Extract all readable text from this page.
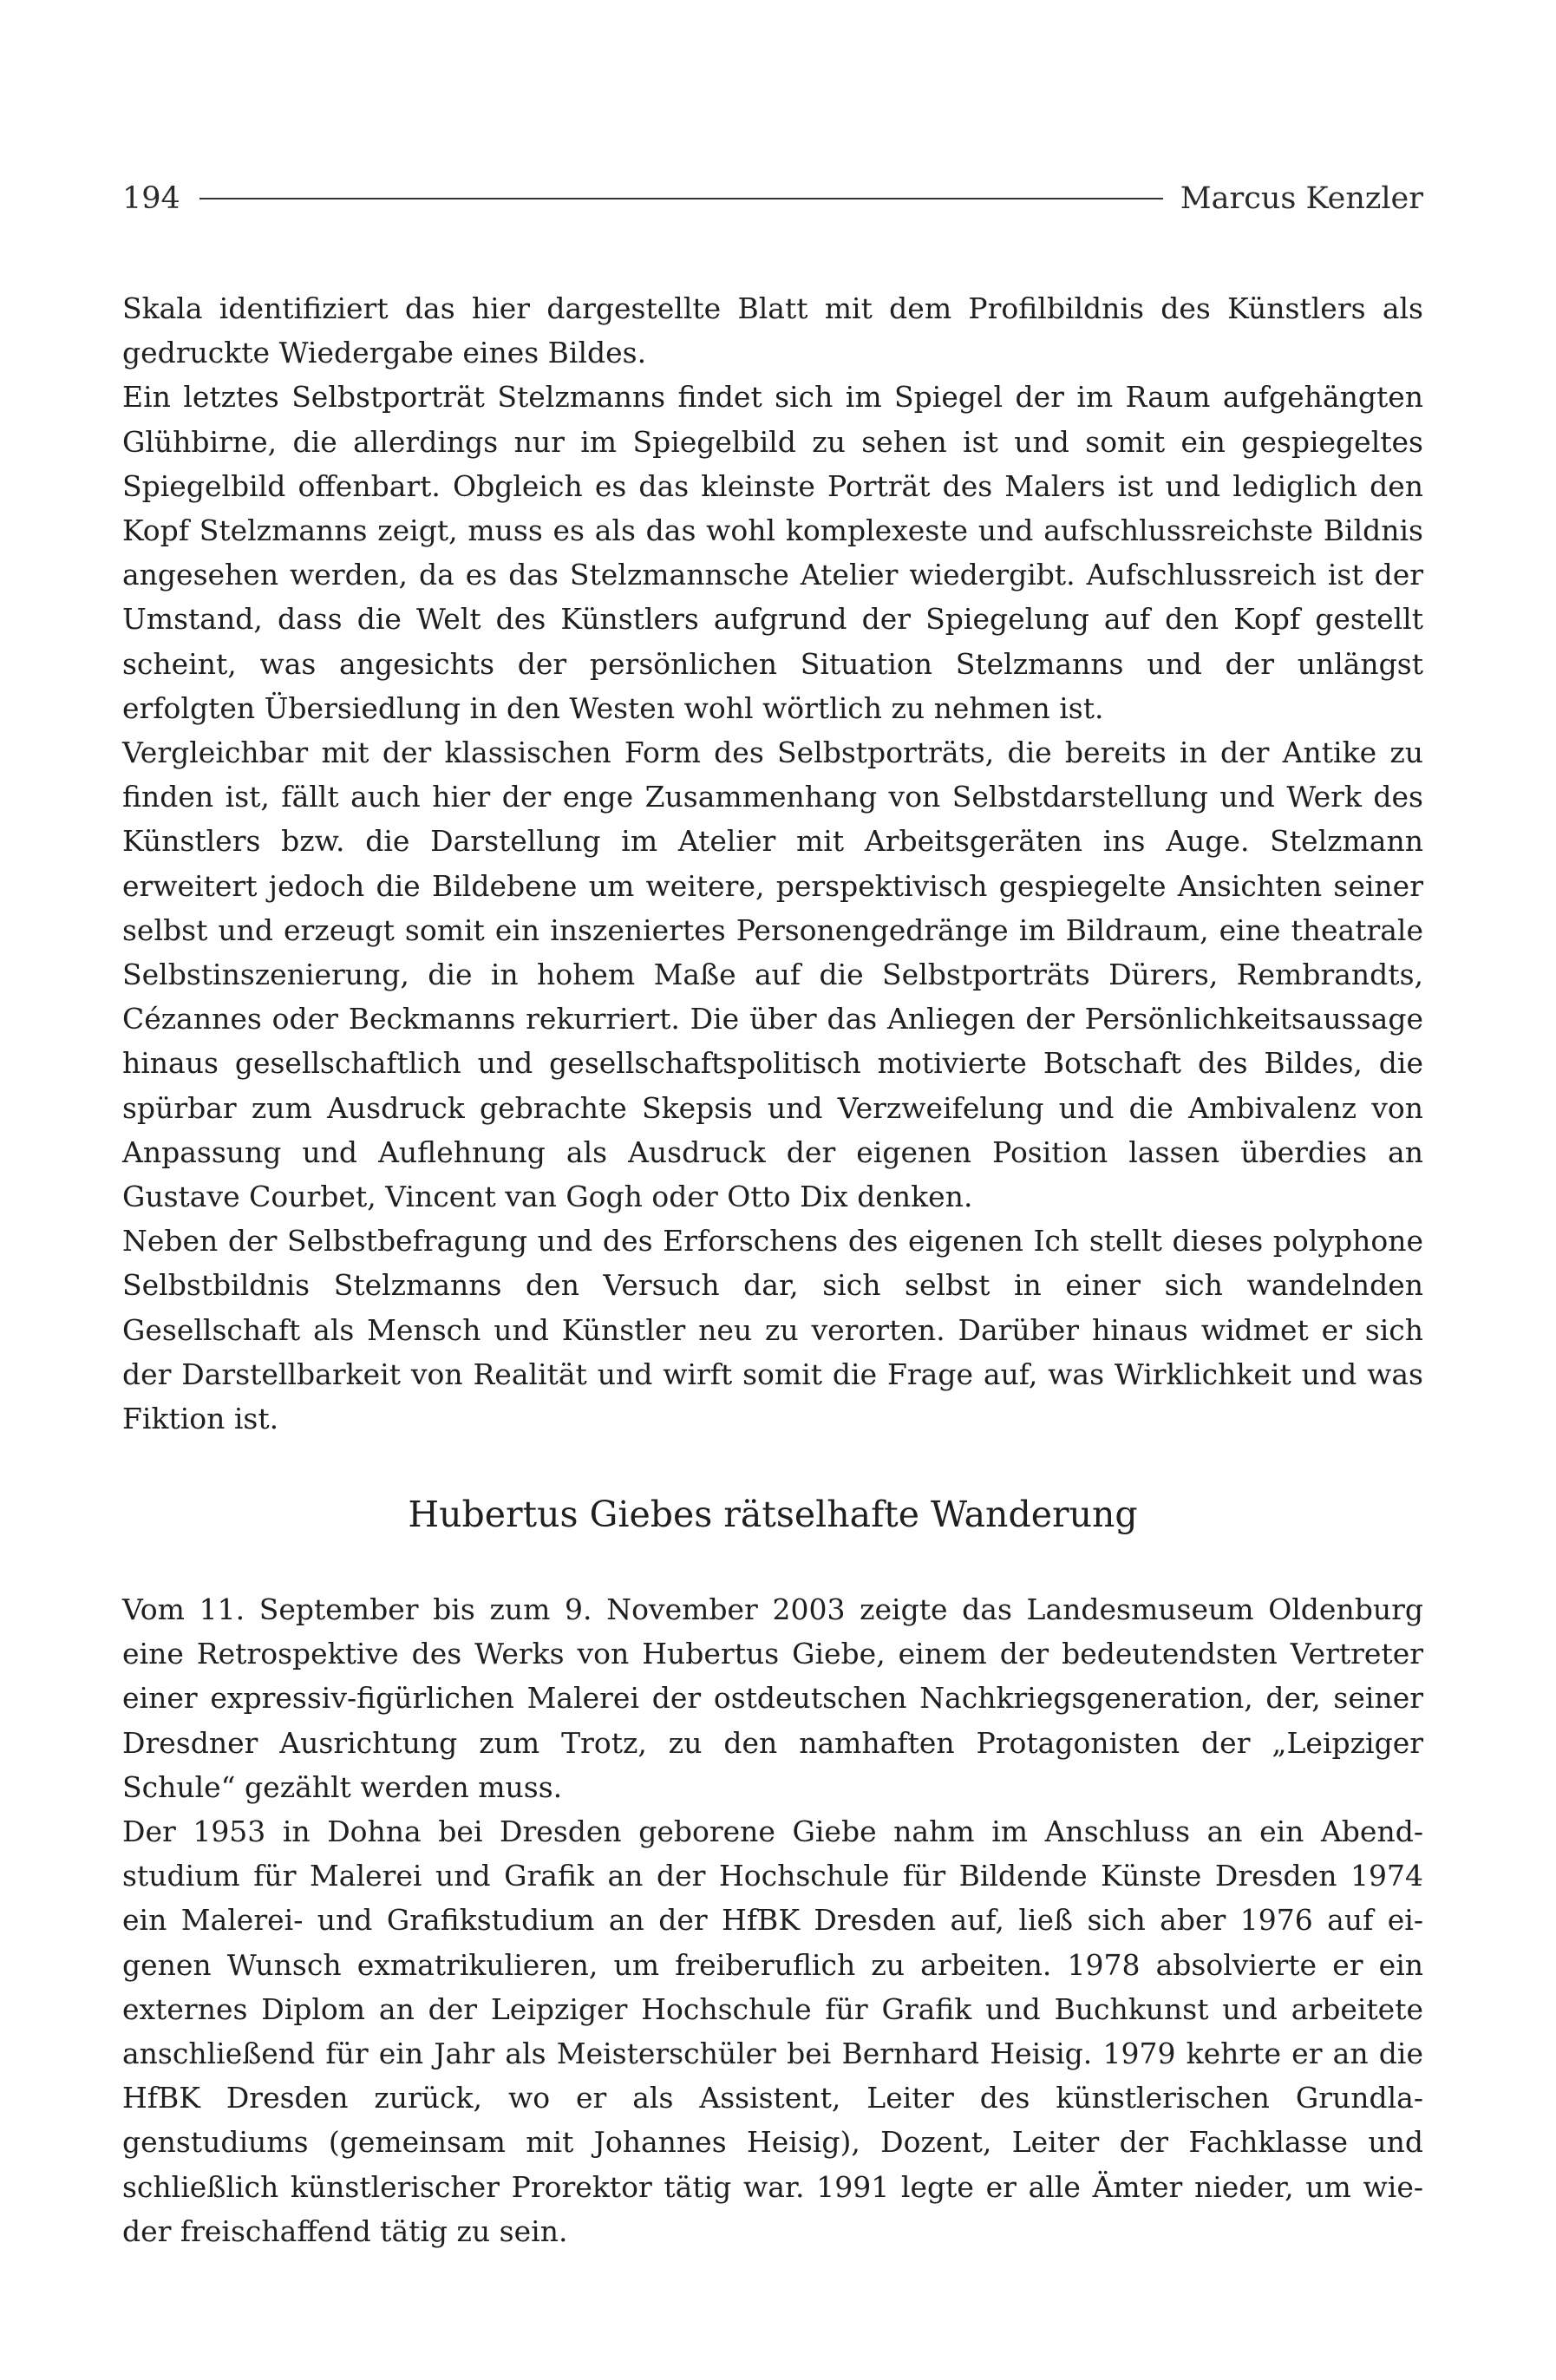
194	Marcus Kenzler

Skala identifiziert das hier dargestellte Blatt mit dem Profilbildnis des Künstlers als gedruckte Wiedergabe eines Bildes.

Ein letztes Selbstporträt Stelzmanns findet sich im Spiegel der im Raum aufgehängten Glühbirne, die allerdings nur im Spiegelbild zu sehen ist und somit ein gespiegeltes Spiegelbild offenbart. Obgleich es das kleinste Porträt des Malers ist und lediglich den Kopf Stelzmanns zeigt, muss es als das wohl komplexeste und aufschlussreichste Bildnis angesehen werden, da es das Stelzmannsche Atelier wiedergibt. Aufschlussreich ist der Umstand, dass die Welt des Künstlers aufgrund der Spiegelung auf den Kopf gestellt scheint, was angesichts der persönlichen Situation Stelzmanns und der unlängst erfolgten Übersiedlung in den Westen wohl wörtlich zu nehmen ist.

Vergleichbar mit der klassischen Form des Selbstporträts, die bereits in der Antike zu finden ist, fällt auch hier der enge Zusammenhang von Selbstdarstellung und Werk des Künstlers bzw. die Darstellung im Atelier mit Arbeitsgeräten ins Auge. Stelzmann erweitert jedoch die Bildebene um weitere, perspektivisch gespiegelte Ansichten seiner selbst und erzeugt somit ein inszeniertes Personengedränge im Bildraum, eine theatrale Selbstinszenierung, die in hohem Maße auf die Selbstporträts Dürers, Rembrandts, Cézannes oder Beckmanns rekurriert. Die über das Anliegen der Persönlichkeitsaussage hinaus gesellschaftlich und gesellschaftspolitisch motivierte Botschaft des Bildes, die spürbar zum Ausdruck gebrachte Skepsis und Verzweifelung und die Ambivalenz von Anpassung und Auflehnung als Ausdruck der eigenen Position lassen überdies an Gustave Courbet, Vincent van Gogh oder Otto Dix denken.

Neben der Selbstbefragung und des Erforschens des eigenen Ich stellt dieses polyphone Selbstbildnis Stelzmanns den Versuch dar, sich selbst in einer sich wandelnden Gesellschaft als Mensch und Künstler neu zu verorten. Darüber hinaus widmet er sich der Darstellbarkeit von Realität und wirft somit die Frage auf, was Wirklichkeit und was Fiktion ist.

Hubertus Giebes rätselhafte Wanderung

Vom 11. September bis zum 9. November 2003 zeigte das Landesmuseum Oldenburg eine Retrospektive des Werks von Hubertus Giebe, einem der bedeutendsten Vertreter einer expressiv-figürlichen Malerei der ostdeutschen Nachkriegsgeneration, der, seiner Dresdner Ausrichtung zum Trotz, zu den namhaften Protagonisten der „Leipziger Schule“ gezählt werden muss.

Der 1953 in Dohna bei Dresden geborene Giebe nahm im Anschluss an ein Abendstudium für Malerei und Grafik an der Hochschule für Bildende Künste Dresden 1974 ein Malerei- und Grafikstudium an der HfBK Dresden auf, ließ sich aber 1976 auf eigenen Wunsch exmatrikulieren, um freiberuflich zu arbeiten. 1978 absolvierte er ein externes Diplom an der Leipziger Hochschule für Grafik und Buchkunst und arbeitete anschließend für ein Jahr als Meisterschüler bei Bernhard Heisig. 1979 kehrte er an die HfBK Dresden zurück, wo er als Assistent, Leiter des künstlerischen Grundlagenstudiums (gemeinsam mit Johannes Heisig), Dozent, Leiter der Fachklasse und schließlich künstlerischer Prorektor tätig war. 1991 legte er alle Ämter nieder, um wieder freischaffend tätig zu sein.
